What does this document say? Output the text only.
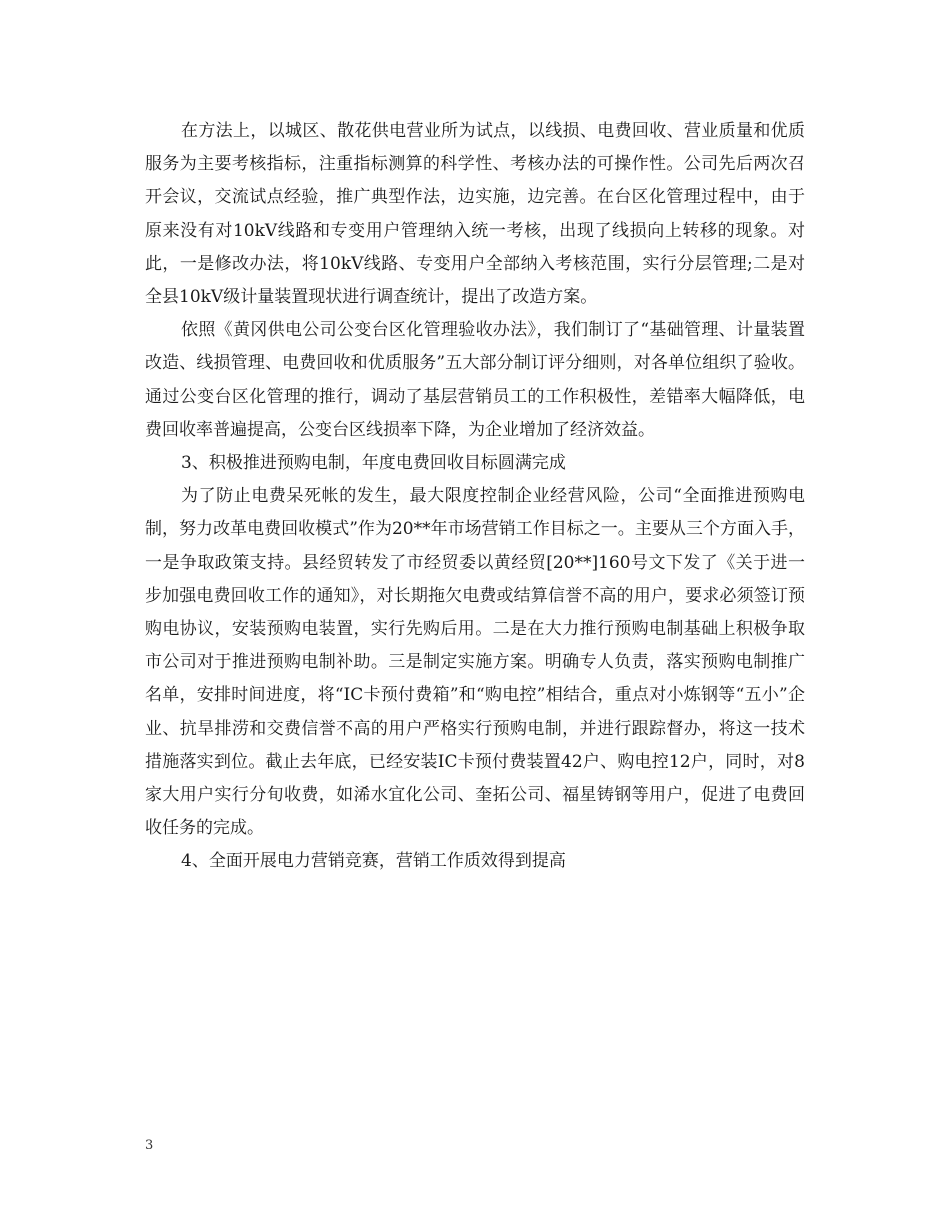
在方法上，以城区、散花供电营业所为试点，以线损、电费回收、营业质量和优质服务为主要考核指标，注重指标测算的科学性、考核办法的可操作性。公司先后两次召开会议，交流试点经验，推广典型作法，边实施，边完善。在台区化管理过程中，由于原来没有对10kV线路和专变用户管理纳入统一考核，出现了线损向上转移的现象。对此，一是修改办法，将10kV线路、专变用户全部纳入考核范围，实行分层管理;二是对全县10kV级计量装置现状进行调查统计，提出了改造方案。

依照《黄冈供电公司公变台区化管理验收办法》，我们制订了“基础管理、计量装置改造、线损管理、电费回收和优质服务”五大部分制订评分细则，对各单位组织了验收。通过公变台区化管理的推行，调动了基层营销员工的工作积极性，差错率大幅降低，电费回收率普遍提高，公变台区线损率下降，为企业增加了经济效益。

3、积极推进预购电制，年度电费回收目标圆满完成

为了防止电费呆死帐的发生，最大限度控制企业经营风险，公司“全面推进预购电制，努力改革电费回收模式”作为20**年市场营销工作目标之一。主要从三个方面入手，一是争取政策支持。县经贸转发了市经贸委以黄经贸[20**]160号文下发了《关于进一步加强电费回收工作的通知》，对长期拖欠电费或结算信誉不高的用户，要求必须签订预购电协议，安装预购电装置，实行先购后用。二是在大力推行预购电制基础上积极争取市公司对于推进预购电制补助。三是制定实施方案。明确专人负责，落实预购电制推广名单，安排时间进度，将“IC卡预付费箱”和“购电控”相结合，重点对小炼钢等“五小”企业、抗旱排涝和交费信誉不高的用户严格实行预购电制，并进行跟踪督办，将这一技术措施落实到位。截止去年底，已经安装IC卡预付费装置42户、购电控12户，同时，对8家大用户实行分旬收费，如浠水宜化公司、奎拓公司、福星铸钢等用户，促进了电费回收任务的完成。

4、全面开展电力营销竞赛，营销工作质效得到提高

3
